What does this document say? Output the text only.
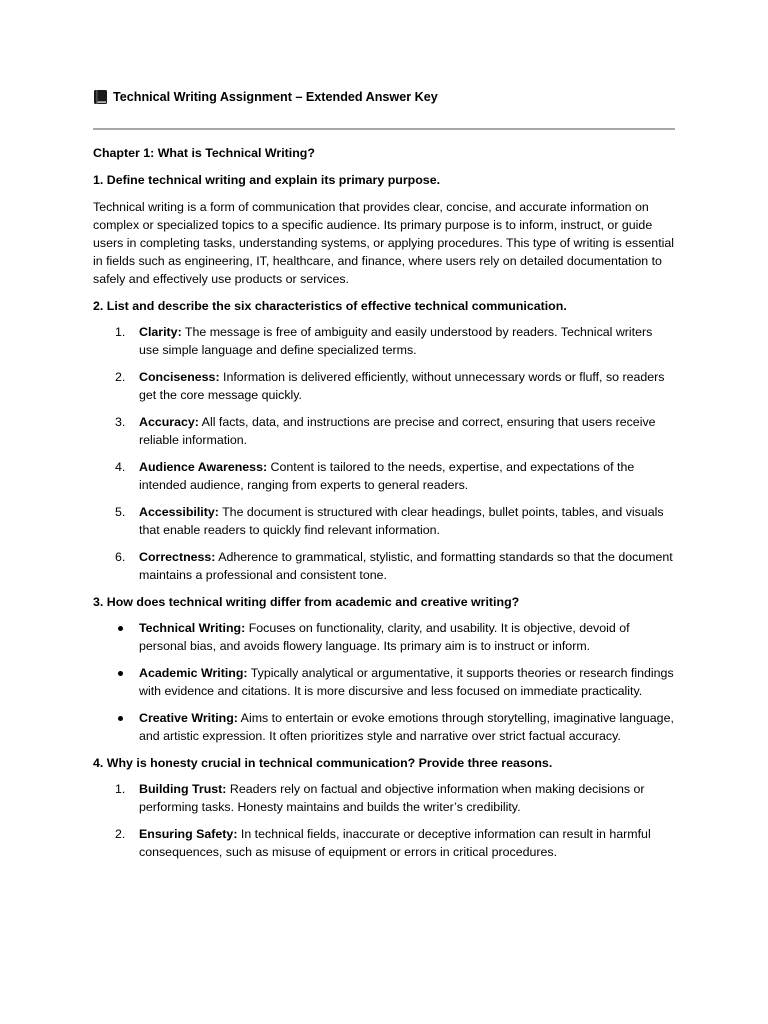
Technical Writing Assignment – Extended Answer Key
Chapter 1: What is Technical Writing?
1. Define technical writing and explain its primary purpose.
Technical writing is a form of communication that provides clear, concise, and accurate information on complex or specialized topics to a specific audience. Its primary purpose is to inform, instruct, or guide users in completing tasks, understanding systems, or applying procedures. This type of writing is essential in fields such as engineering, IT, healthcare, and finance, where users rely on detailed documentation to safely and effectively use products or services.
2. List and describe the six characteristics of effective technical communication.
1.	Clarity: The message is free of ambiguity and easily understood by readers. Technical writers use simple language and define specialized terms.
2.	Conciseness: Information is delivered efficiently, without unnecessary words or fluff, so readers get the core message quickly.
3.	Accuracy: All facts, data, and instructions are precise and correct, ensuring that users receive reliable information.
4.	Audience Awareness: Content is tailored to the needs, expertise, and expectations of the intended audience, ranging from experts to general readers.
5.	Accessibility: The document is structured with clear headings, bullet points, tables, and visuals that enable readers to quickly find relevant information.
6.	Correctness: Adherence to grammatical, stylistic, and formatting standards so that the document maintains a professional and consistent tone.
3. How does technical writing differ from academic and creative writing?
Technical Writing: Focuses on functionality, clarity, and usability. It is objective, devoid of personal bias, and avoids flowery language. Its primary aim is to instruct or inform.
Academic Writing: Typically analytical or argumentative, it supports theories or research findings with evidence and citations. It is more discursive and less focused on immediate practicality.
Creative Writing: Aims to entertain or evoke emotions through storytelling, imaginative language, and artistic expression. It often prioritizes style and narrative over strict factual accuracy.
4. Why is honesty crucial in technical communication? Provide three reasons.
1.	Building Trust: Readers rely on factual and objective information when making decisions or performing tasks. Honesty maintains and builds the writer’s credibility.
2.	Ensuring Safety: In technical fields, inaccurate or deceptive information can result in harmful consequences, such as misuse of equipment or errors in critical procedures.
